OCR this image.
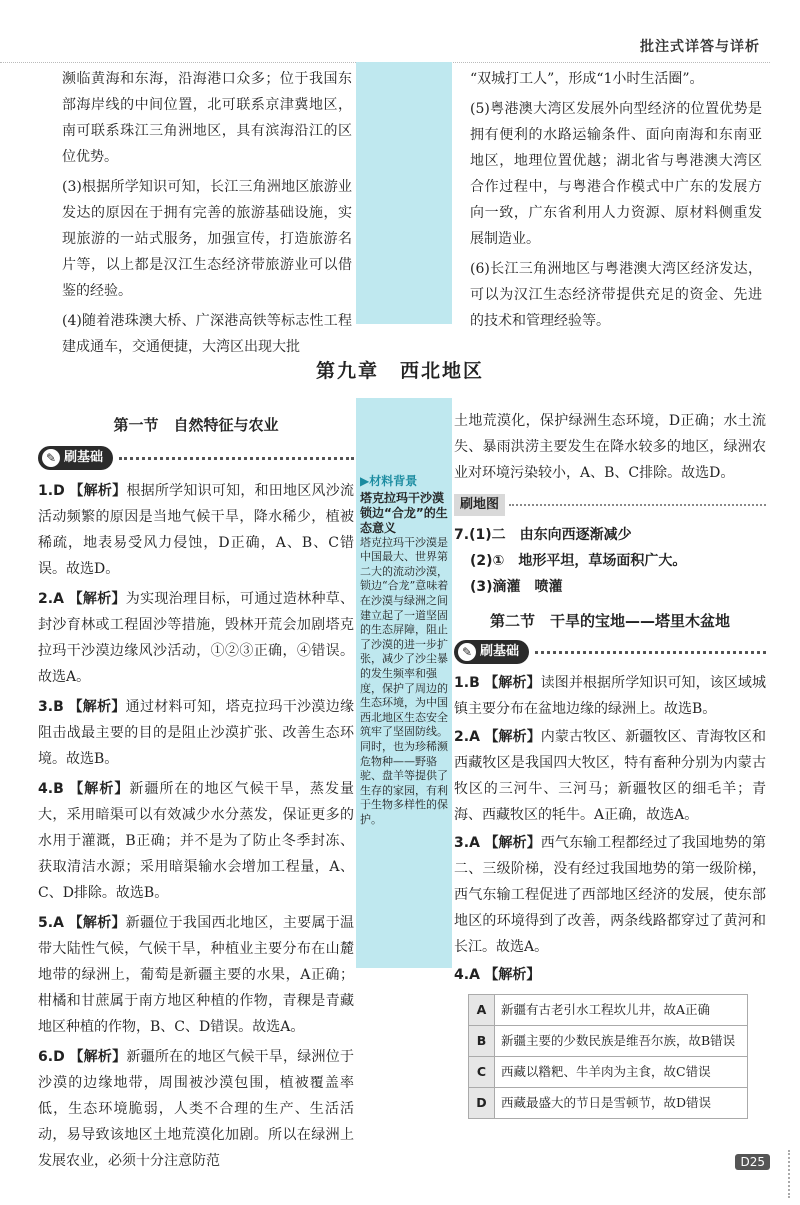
批注式详答与详析

濒临黄海和东海，沿海港口众多；位于我国东部海岸线的中间位置，北可联系京津冀地区，南可联系珠江三角洲地区，具有滨海沿江的区位优势。

(3)根据所学知识可知，长江三角洲地区旅游业发达的原因在于拥有完善的旅游基础设施，实现旅游的一站式服务，加强宣传，打造旅游名片等，以上都是汉江生态经济带旅游业可以借鉴的经验。

(4)随着港珠澳大桥、广深港高铁等标志性工程建成通车，交通便捷，大湾区出现大批

“双城打工人”，形成“1小时生活圈”。

(5)粤港澳大湾区发展外向型经济的位置优势是拥有便利的水路运输条件、面向南海和东南亚地区，地理位置优越；湖北省与粤港澳大湾区合作过程中，与粤港合作模式中广东的发展方向一致，广东省利用人力资源、原材料侧重发展制造业。

(6)长江三角洲地区与粤港澳大湾区经济发达，可以为汉江生态经济带提供充足的资金、先进的技术和管理经验等。

第九章　西北地区
第一节　自然特征与农业
✎ 刷基础

1.D 【解析】根据所学知识可知，和田地区风沙流活动频繁的原因是当地气候干旱，降水稀少，植被稀疏，地表易受风力侵蚀，D正确，A、B、C错误。故选D。

2.A 【解析】为实现治理目标，可通过造林种草、封沙育林或工程固沙等措施，毁林开荒会加剧塔克拉玛干沙漠边缘风沙活动，①②③正确，④错误。故选A。

3.B 【解析】通过材料可知，塔克拉玛干沙漠边缘阻击战最主要的目的是阻止沙漠扩张、改善生态环境。故选B。

4.B 【解析】新疆所在的地区气候干旱，蒸发量大，采用暗渠可以有效减少水分蒸发，保证更多的水用于灌溉，B正确；并不是为了防止冬季封冻、获取清洁水源；采用暗渠输水会增加工程量，A、C、D排除。故选B。

5.A 【解析】新疆位于我国西北地区，主要属于温带大陆性气候，气候干旱，种植业主要分布在山麓地带的绿洲上，葡萄是新疆主要的水果，A正确；柑橘和甘蔗属于南方地区种植的作物，青稞是青藏地区种植的作物，B、C、D错误。故选A。

6.D 【解析】新疆所在的地区气候干旱，绿洲位于沙漠的边缘地带，周围被沙漠包围，植被覆盖率低，生态环境脆弱，人类不合理的生产、生活活动，易导致该地区土地荒漠化加剧。所以在绿洲上发展农业，必须十分注意防范

▶材料背景
塔克拉玛干沙漠锁边“合龙”的生态意义
塔克拉玛干沙漠是中国最大、世界第二大的流动沙漠，锁边“合龙”意味着在沙漠与绿洲之间建立起了一道坚固的生态屏障，阻止了沙漠的进一步扩张，减少了沙尘暴的发生频率和强度，保护了周边的生态环境，为中国西北地区生态安全筑牢了坚固防线。同时，也为珍稀濒危物种——野骆驼、盘羊等提供了生存的家园，有利于生物多样性的保护。

土地荒漠化，保护绿洲生态环境，D正确；水土流失、暴雨洪涝主要发生在降水较多的地区，绿洲农业对环境污染较小，A、B、C排除。故选D。

刷地图

7.(1)二　 由东向西逐渐减少

(2)①　 地形平坦，草场面积广大。

(3)滴灌　 喷灌

第二节　干旱的宝地——塔里木盆地
✎ 刷基础

1.B 【解析】读图并根据所学知识可知，该区域城镇主要分布在盆地边缘的绿洲上。故选B。

2.A 【解析】内蒙古牧区、新疆牧区、青海牧区和西藏牧区是我国四大牧区，特有畜种分别为内蒙古牧区的三河牛、三河马；新疆牧区的细毛羊；青海、西藏牧区的牦牛。A正确，故选A。

3.A 【解析】西气东输工程都经过了我国地势的第二、三级阶梯，没有经过我国地势的第一级阶梯，西气东输工程促进了西部地区经济的发展，使东部地区的环境得到了改善，两条线路都穿过了黄河和长江。故选A。

4.A 【解析】

A	新疆有古老引水工程坎儿井，故A正确
B	新疆主要的少数民族是维吾尔族，故B错误
C	西藏以糌粑、牛羊肉为主食，故C错误
D	西藏最盛大的节日是雪顿节，故D错误
D25
